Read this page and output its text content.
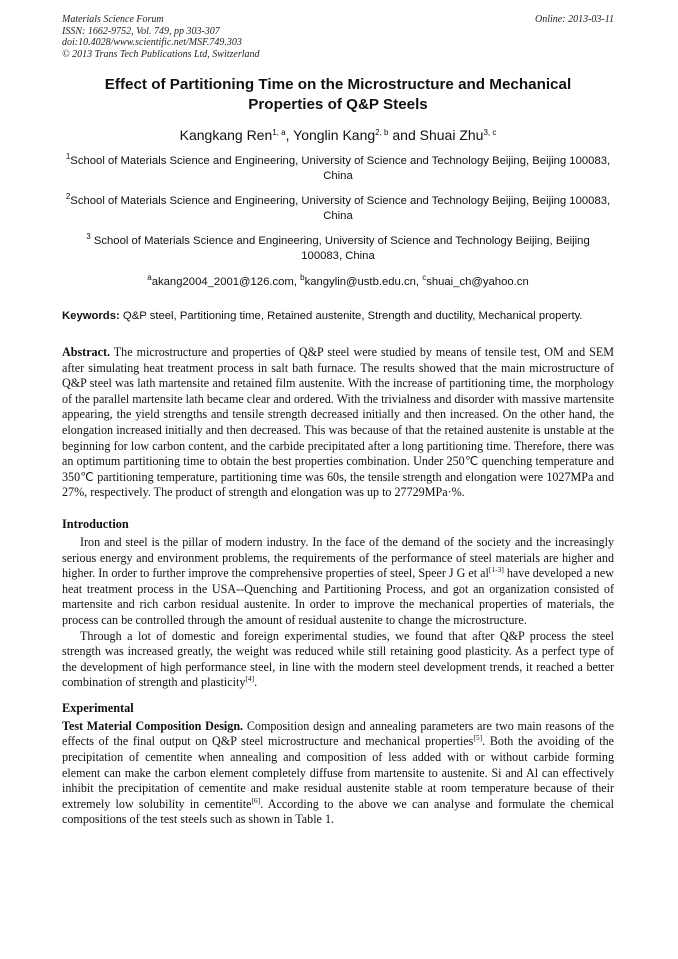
Materials Science Forum	Online: 2013-03-11
ISSN: 1662-9752, Vol. 749, pp 303-307
doi:10.4028/www.scientific.net/MSF.749.303
© 2013 Trans Tech Publications Ltd, Switzerland
Effect of Partitioning Time on the Microstructure and Mechanical
Properties of Q&P Steels
Kangkang Ren$^{1, a}$, Yonglin Kang$^{2, b}$ and Shuai Zhu$^{3, c}$
$^1$School of Materials Science and Engineering, University of Science and Technology Beijing, Beijing 100083, China
$^2$School of Materials Science and Engineering, University of Science and Technology Beijing, Beijing 100083, China
$^3$ School of Materials Science and Engineering, University of Science and Technology Beijing, Beijing 100083, China
$^a$akang2004_2001@126.com, $^b$kangylin@ustb.edu.cn, $^c$shuai_ch@yahoo.cn

Keywords: Q&P steel, Partitioning time, Retained austenite, Strength and ductility, Mechanical property.

Abstract. The microstructure and properties of Q&P steel were studied by means of tensile test, OM and SEM after simulating heat treatment process in salt bath furnace. The results showed that the main microstructure of Q&P steel was lath martensite and retained film austenite. With the increase of partitioning time, the morphology of the parallel martensite lath became clear and ordered. With the trivialness and disorder with massive martensite appearing, the yield strengths and tensile strength decreased initially and then increased. On the other hand, the elongation increased initially and then decreased. This was because of that the retained austenite is unstable at the beginning for low carbon content, and the carbide precipitated after a long partitioning time. Therefore, there was an optimum partitioning time to obtain the best properties combination. Under 250℃ quenching temperature and 350℃ partitioning temperature, partitioning time was 60s, the tensile strength and elongation were 1027MPa and 27%, respectively. The product of strength and elongation was up to 27729MPa·%.

Introduction

Iron and steel is the pillar of modern industry. In the face of the demand of the society and the increasingly serious energy and environment problems, the requirements of the performance of steel materials are higher and higher. In order to further improve the comprehensive properties of steel, Speer J G et al[1-3] have developed a new heat treatment process in the USA--Quenching and Partitioning Process, and got an organization consisted of martensite and rich carbon residual austenite. In order to improve the mechanical properties of materials, the process can be controlled through the amount of residual austenite to change the microstructure.

Through a lot of domestic and foreign experimental studies, we found that after Q&P process the steel strength was increased greatly, the weight was reduced while still retaining good plasticity. As a perfect type of the development of high performance steel, in line with the modern steel development trends, it reached a better combination of strength and plasticity[4].

Experimental

Test Material Composition Design. Composition design and annealing parameters are two main reasons of the effects of the final output on Q&P steel microstructure and mechanical properties[5]. Both the avoiding of the precipitation of cementite when annealing and composition of less added with or without carbide forming element can make the carbon element completely diffuse from martensite to austenite. Si and Al can effectively inhibit the precipitation of cementite and make residual austenite stable at room temperature because of their extremely low solubility in cementite[6]. According to the above we can analyse and formulate the chemical compositions of the test steels such as shown in Table 1.
